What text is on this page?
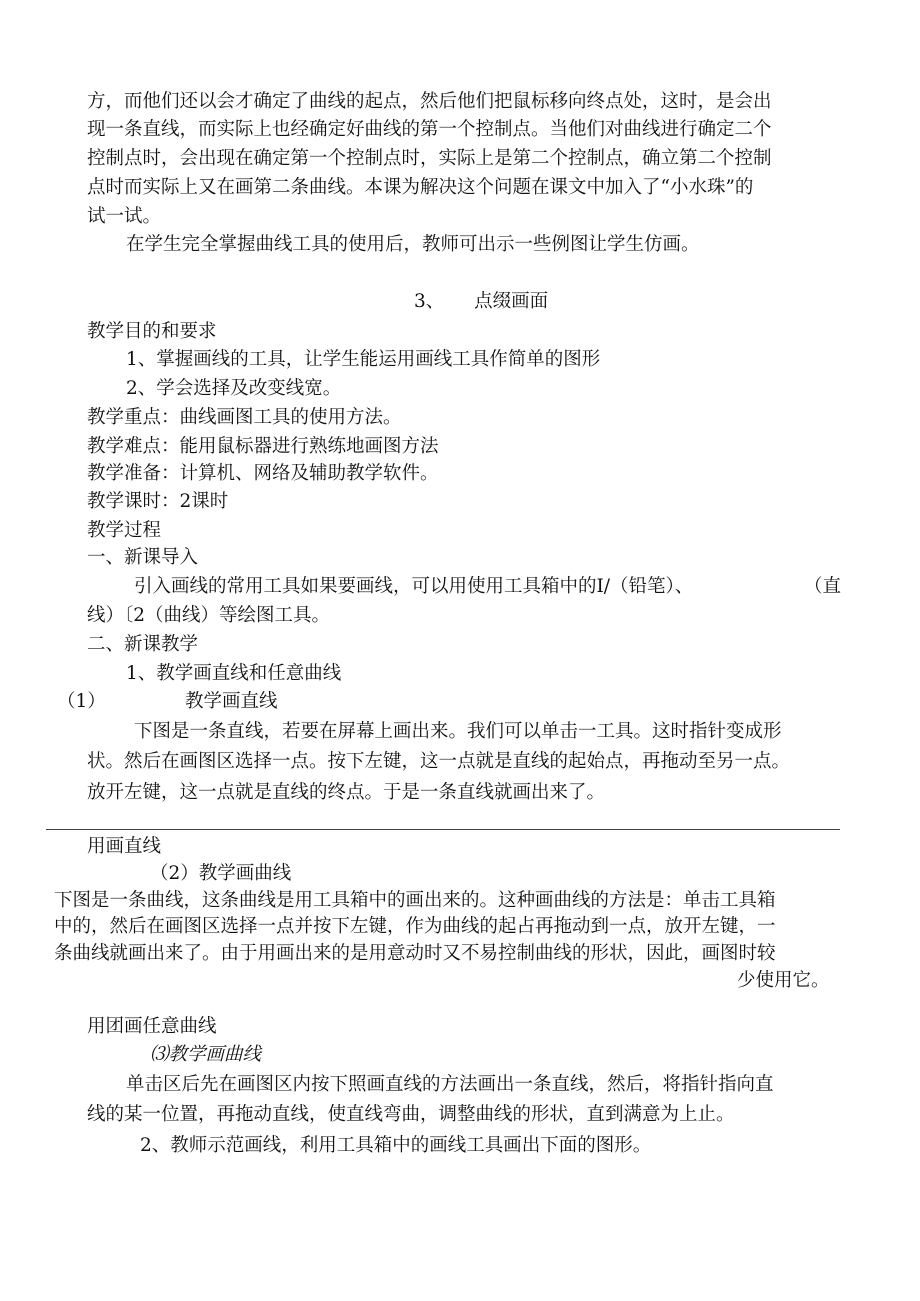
方，而他们还以会才确定了曲线的起点，然后他们把鼠标移向终点处，这时，是会出

现一条直线，而实际上也经确定好曲线的第一个控制点。当他们对曲线进行确定二个

控制点时，会出现在确定第一个控制点时，实际上是第二个控制点，确立第二个控制

点时而实际上又在画第二条曲线。本课为解决这个问题在课文中加入了“小水珠”的

试一试。

在学生完全掌握曲线工具的使用后，教师可出示一些例图让学生仿画。

3、 点缀画面

教学目的和要求

1、掌握画线的工具，让学生能运用画线工具作简单的图形

2、学会选择及改变线宽。

教学重点：曲线画图工具的使用方法。

教学难点：能用鼠标器进行熟练地画图方法

教学准备：计算机、网络及辅助教学软件。

教学课时：2课时

教学过程

一、新课导入

引入画线的常用工具如果要画线，可以用使用工具箱中的I/（铅笔）、	（直

线）〔2（曲线）等绘图工具。

二、新课教学

1、教学画直线和任意曲线

（1）	教学画直线

下图是一条直线，若要在屏幕上画出来。我们可以单击一工具。这时指针变成形

状。然后在画图区选择一点。按下左键，这一点就是直线的起始点，再拖动至另一点。

放开左键，这一点就是直线的终点。于是一条直线就画出来了。

用画直线

（2）教学画曲线

下图是一条曲线，这条曲线是用工具箱中的画出来的。这种画曲线的方法是：单击工具箱

中的，然后在画图区选择一点并按下左键，作为曲线的起占再拖动到一点，放开左键，一

条曲线就画出来了。由于用画出来的是用意动时又不易控制曲线的形状，因此，画图时较

少使用它。

用团画任意曲线

⑶教学画曲线

单击区后先在画图区内按下照画直线的方法画出一条直线，然后，将指针指向直

线的某一位置，再拖动直线，使直线弯曲，调整曲线的形状，直到满意为上止。

2、教师示范画线，利用工具箱中的画线工具画出下面的图形。
